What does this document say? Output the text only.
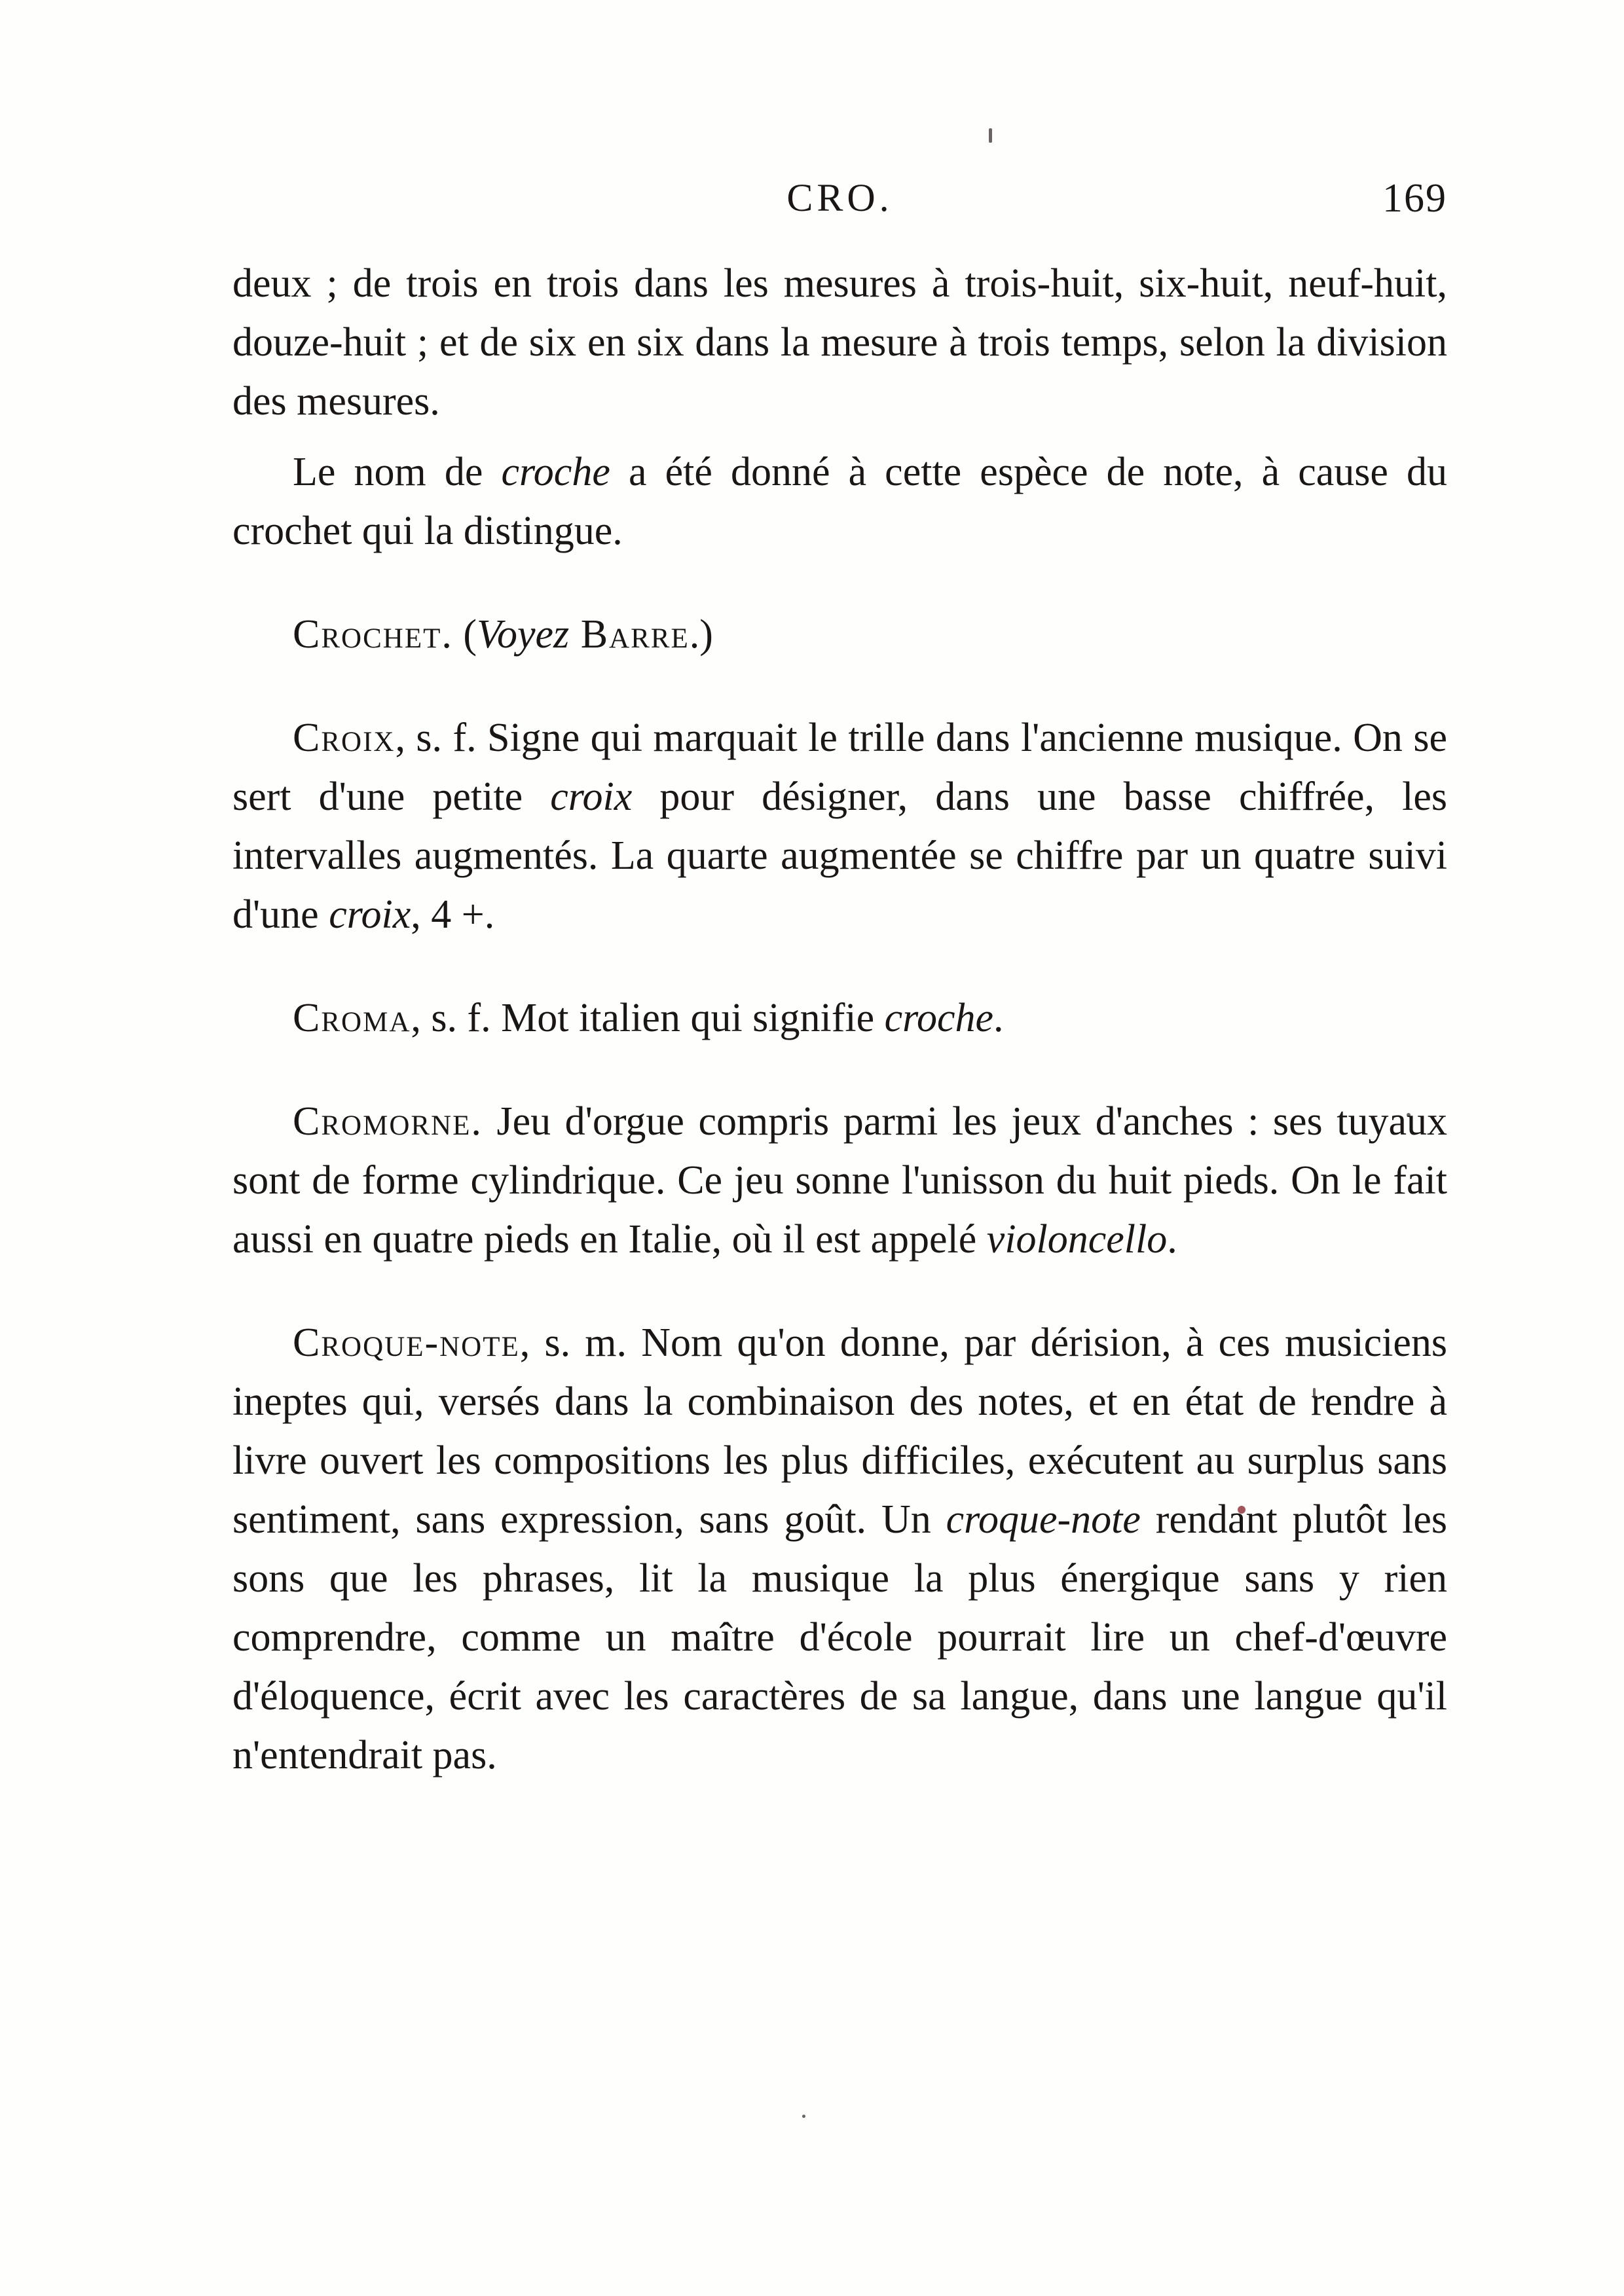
CRO.	169

deux ; de trois en trois dans les mesures à trois-huit, six-huit, neuf-huit, douze-huit ; et de six en six dans la mesure à trois temps, selon la division des mesures.

Le nom de croche a été donné à cette espèce de note, à cause du crochet qui la distingue.

Crochet. (Voyez Barre.)

Croix, s. f. Signe qui marquait le trille dans l'ancienne musique. On se sert d'une petite croix pour désigner, dans une basse chiffrée, les intervalles augmentés. La quarte augmentée se chiffre par un quatre suivi d'une croix, 4 +.

Croma, s. f. Mot italien qui signifie croche.

Cromorne. Jeu d'orgue compris parmi les jeux d'anches : ses tuyaux sont de forme cylindrique. Ce jeu sonne l'unisson du huit pieds. On le fait aussi en quatre pieds en Italie, où il est appelé violoncello.

Croque-note, s. m. Nom qu'on donne, par dérision, à ces musiciens ineptes qui, versés dans la combinaison des notes, et en état de rendre à livre ouvert les compositions les plus difficiles, exécutent au surplus sans sentiment, sans expression, sans goût. Un croque-note rendant plutôt les sons que les phrases, lit la musique la plus énergique sans y rien comprendre, comme un maître d'école pourrait lire un chef-d'œuvre d'éloquence, écrit avec les caractères de sa langue, dans une langue qu'il n'entendrait pas.
